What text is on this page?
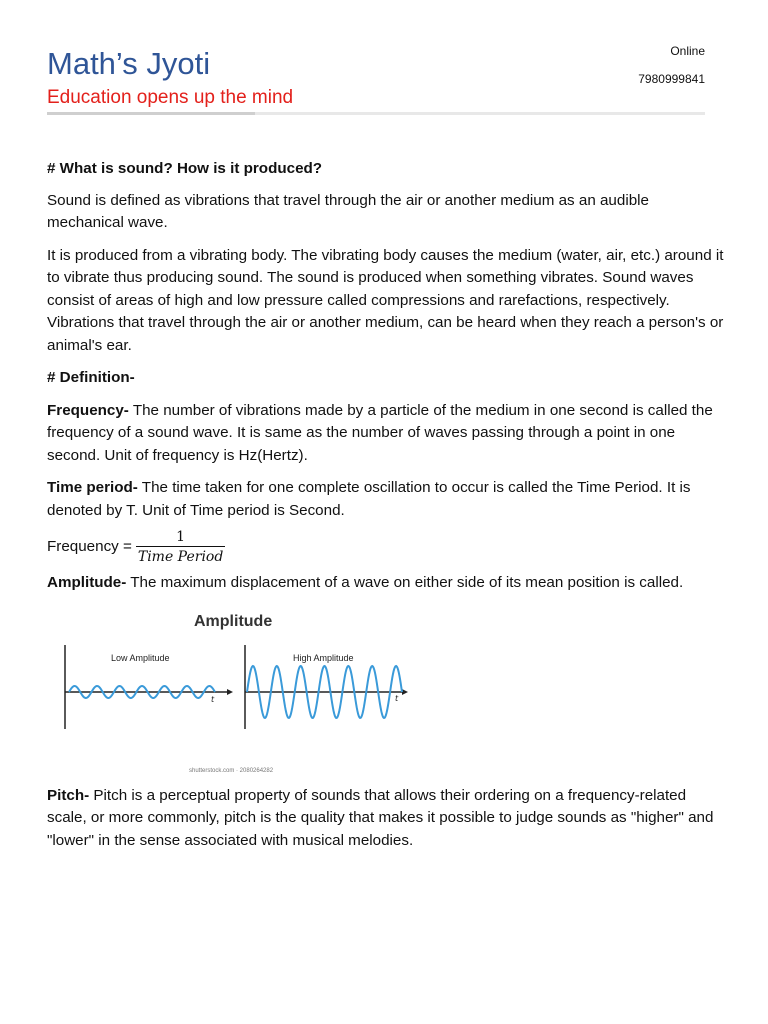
Math’s Jyoti
Education opens up the mind
Online
7980999841

# What is sound? How is it produced?

Sound is defined as vibrations that travel through the air or another medium as an audible mechanical wave.

It is produced from a vibrating body. The vibrating body causes the medium (water, air, etc.) around it to vibrate thus producing sound. The sound is produced when something vibrates. Sound waves consist of areas of high and low pressure called compressions and rarefactions, respectively. Vibrations that travel through the air or another medium, can be heard when they reach a person's or animal's ear.

# Definition-

Frequency- The number of vibrations made by a particle of the medium in one second is called the frequency of a sound wave. It is same as the number of waves passing through a point in one second. Unit of frequency is Hz(Hertz).

Time period- The time taken for one complete oscillation to occur is called the Time Period. It is denoted by T. Unit of Time period is Second.

Frequency = $\frac{1}{\text{Time Period}}$

Amplitude- The maximum displacement of a wave on either side of its mean position is called.

t	t
Amplitude
Low Amplitude	High Amplitude
shutterstock.com · 2080264282

Pitch- Pitch is a perceptual property of sounds that allows their ordering on a frequency-related scale, or more commonly, pitch is the quality that makes it possible to judge sounds as "higher" and "lower" in the sense associated with musical melodies.
